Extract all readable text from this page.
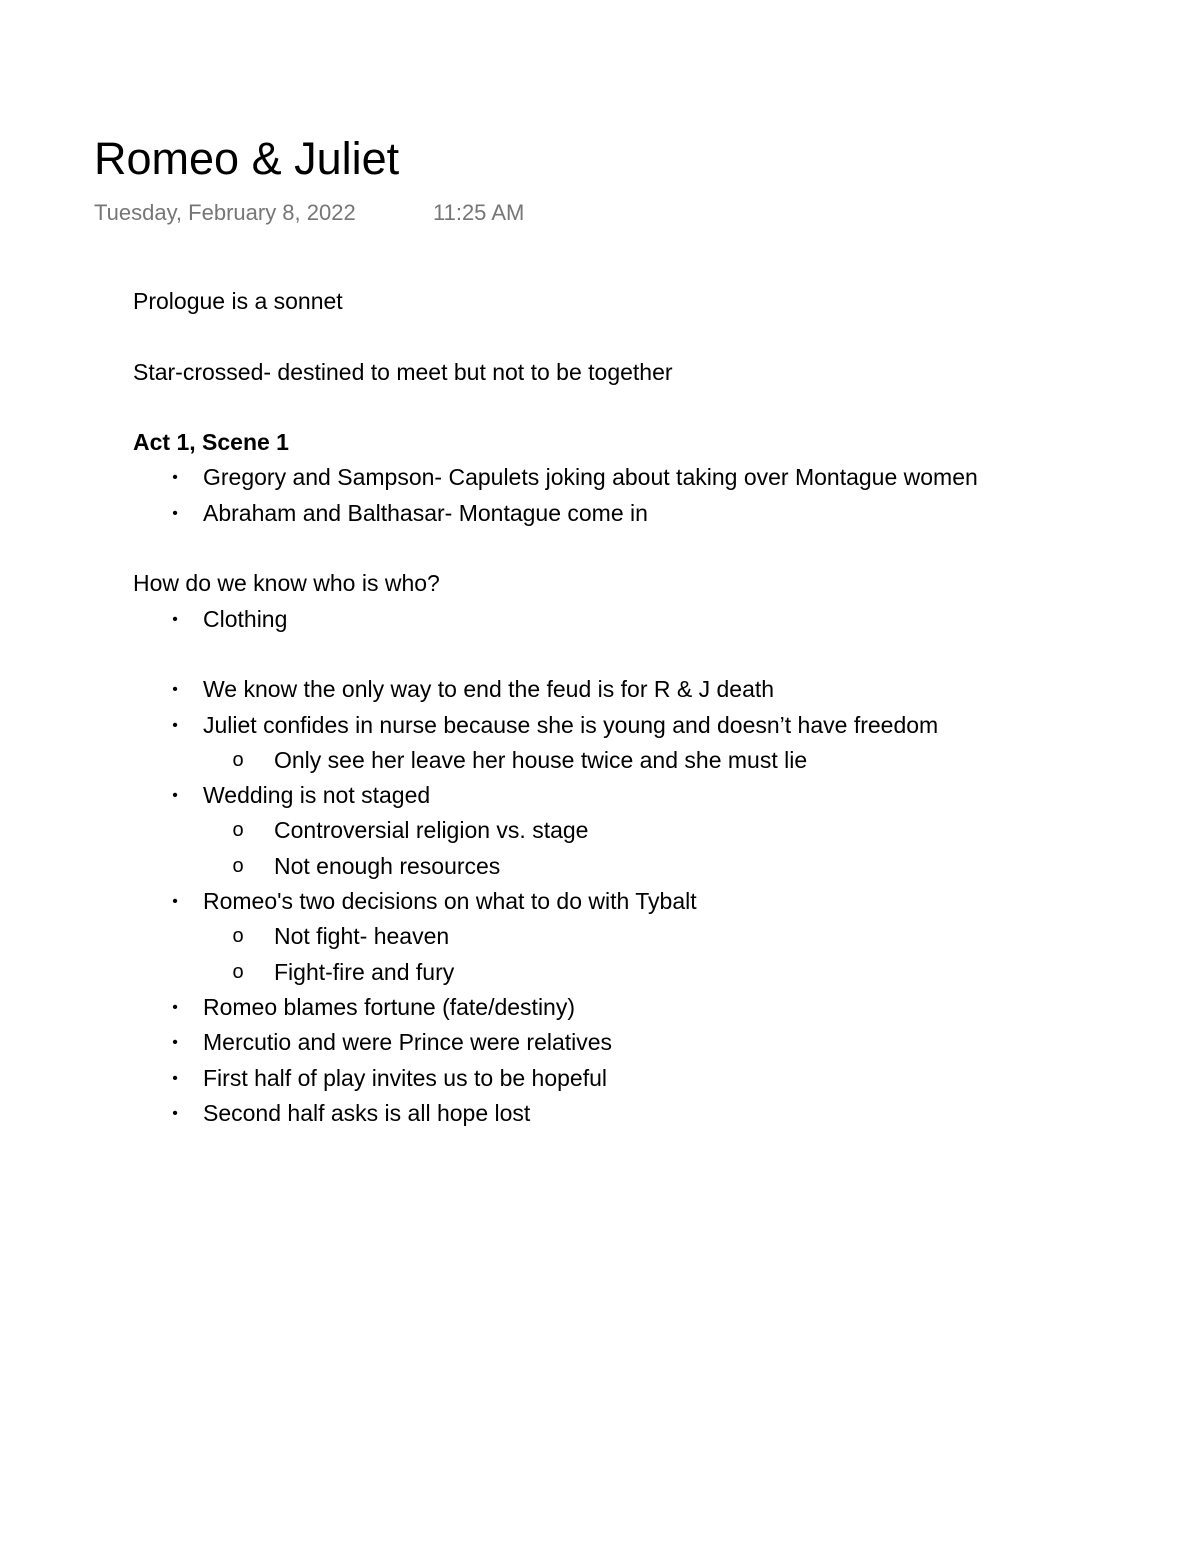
Romeo & Juliet
Tuesday, February 8, 2022	11:25 AM
Prologue is a sonnet
Star-crossed- destined to meet but not to be together
Act 1, Scene 1
• Gregory and Sampson- Capulets joking about taking over Montague women
• Abraham and Balthasar- Montague come in
How do we know who is who?
• Clothing
• We know the only way to end the feud is for R & J death
• Juliet confides in nurse because she is young and doesn’t have freedom
o Only see her leave her house twice and she must lie
• Wedding is not staged
o Controversial religion vs. stage
o Not enough resources
• Romeo's two decisions on what to do with Tybalt
o Not fight- heaven
o Fight-fire and fury
• Romeo blames fortune (fate/destiny)
• Mercutio and were Prince were relatives
• First half of play invites us to be hopeful
• Second half asks is all hope lost
